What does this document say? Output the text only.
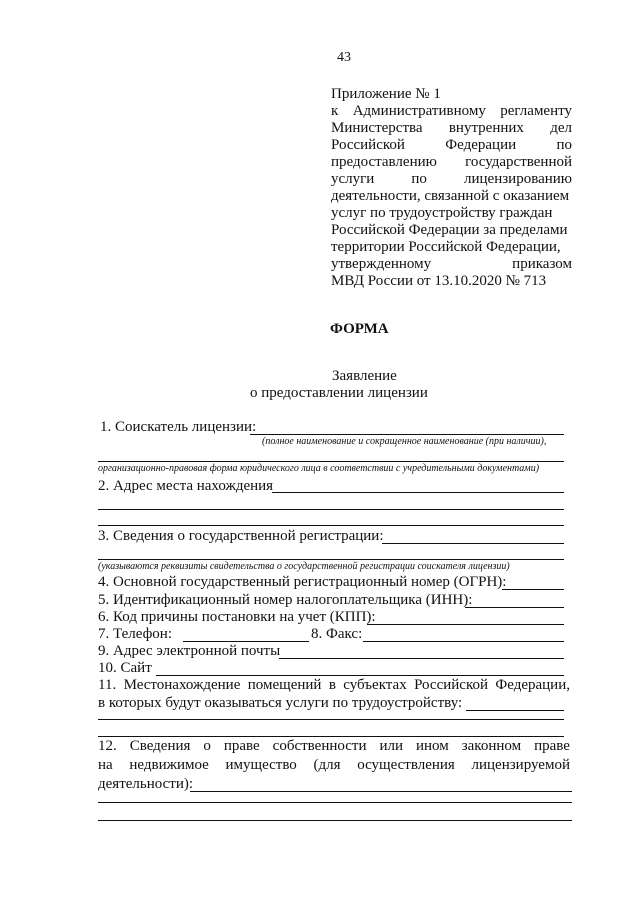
43
Приложение № 1
к Административному регламенту
Министерства внутренних дел
Российской	Федерации	по
предоставлению государственной
услуги по лицензированию
деятельности, связанной с оказанием
услуг по трудоустройству граждан
Российской Федерации за пределами
территории Российской Федерации,
утвержденному	приказом
МВД России от 13.10.2020 № 713
ФОРМА
Заявление
о предоставлении лицензии
1. Соискатель лицензии:
(полное наименование и сокращенное наименование (при наличии),
организационно-правовая форма юридического лица в соответствии с учредительными документами)
2. Адрес места нахождения
3. Сведения о государственной регистрации:
(указываются реквизиты свидетельства о государственной регистрации соискателя лицензии)
4. Основной государственный регистрационный номер (ОГРН):
5. Идентификационный номер налогоплательщика (ИНН):
6. Код причины постановки на учет (КПП):
7. Телефон:	8. Факс:
9. Адрес электронной почты
10. Сайт
11. Местонахождение помещений в субъектах Российской Федерации,
в которых будут оказываться услуги по трудоустройству:
12. Сведения о праве собственности или ином законном праве
на недвижимое имущество (для осуществления лицензируемой
деятельности):
